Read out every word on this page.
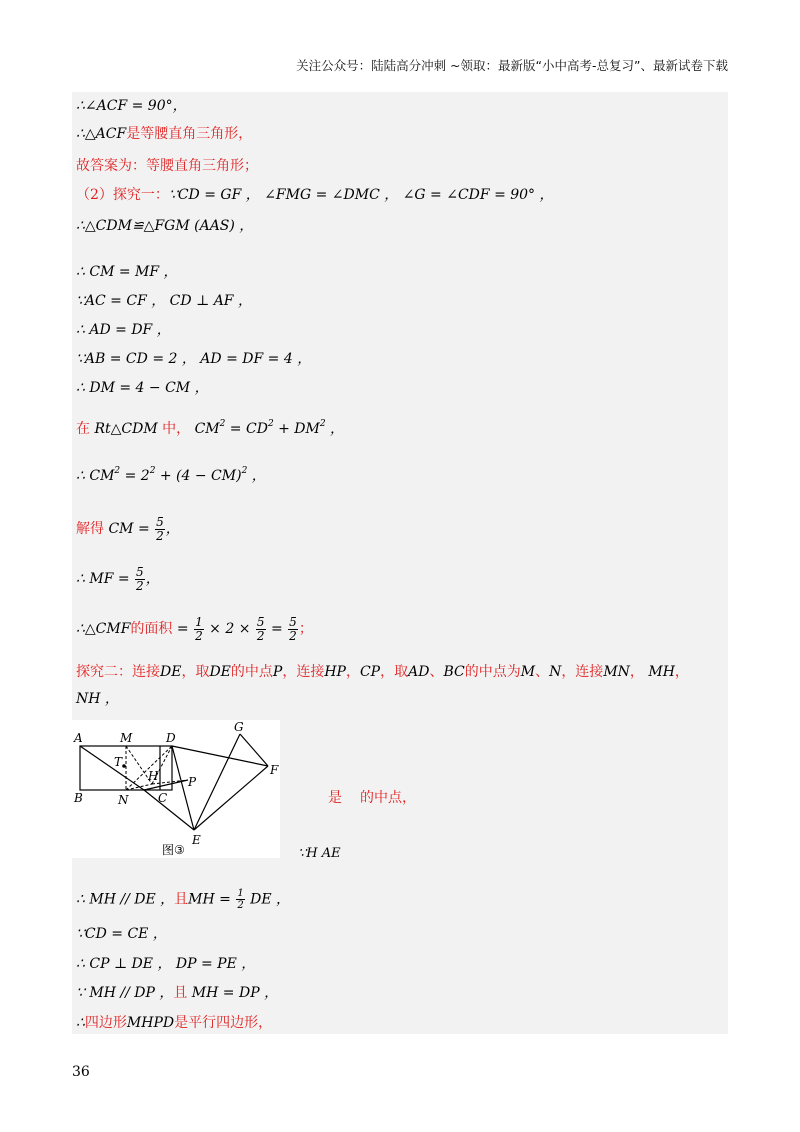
关注公众号：陆陆高分冲刺 ~领取：最新版“小中高考-总复习”、最新试卷下载
∴∠ACF = 90°，
∴△ACF是等腰直角三角形，
故答案为：等腰直角三角形；
（2）探究一：∵CD = GF ， ∠FMG = ∠DMC ， ∠G = ∠CDF = 90° ，
∴△CDM≌△FGM (AAS) ，
∴ CM = MF ，
∵AC = CF ， CD ⊥ AF ，
∴ AD = DF ，
∵AB = CD = 2 ， AD = DF = 4 ，
∴ DM = 4 − CM ，
在 Rt△CDM 中， $CM^2 = CD^2 + DM^2$ ，
∴ $CM^2 = 2^2 + (4 - CM)^2$ ，
解得 CM = $\frac{5}{2}$ ，
∴ MF = $\frac{5}{2}$ ，
∴△CMF的面积 = $\frac{1}{2} \times 2 \times \frac{5}{2} = \frac{5}{2}$ ；
探究二：连接DE，取DE的中点P，连接HP，CP，取AD、BC的中点为M、N，连接MN， MH，
NH ，
A	M	D
G
T
F
H P
B	N C
E
图③
是 的中点，
∵H AE
∴ MH // DE ，且MH = $\frac{1}{2}$ DE ，
∵CD = CE ，
∴ CP ⊥ DE ， DP = PE ，
∵ MH // DP ，且 MH = DP ，
∴四边形MHPD是平行四边形，
36
